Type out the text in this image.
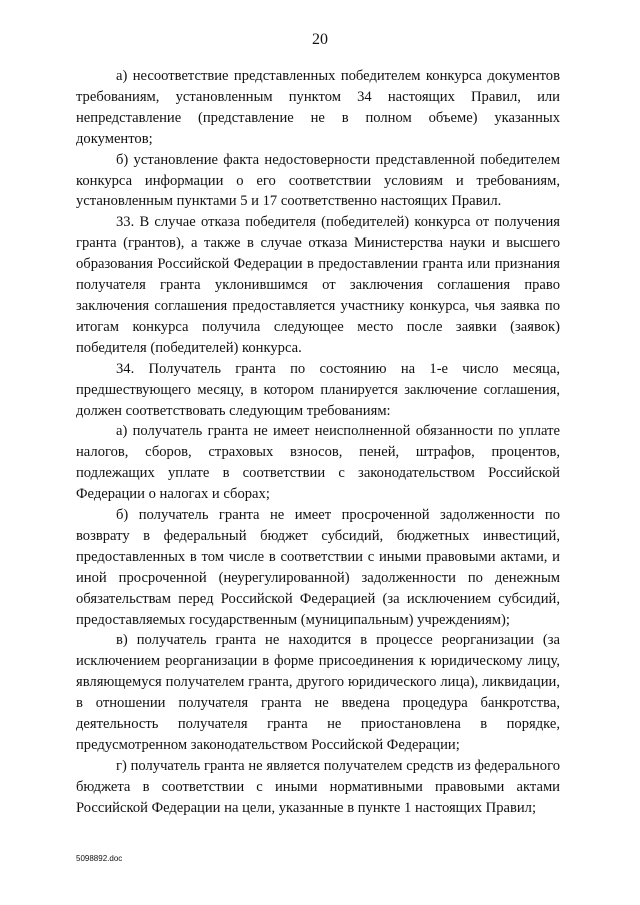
20

а) несоответствие представленных победителем конкурса документов требованиям, установленным пунктом 34 настоящих Правил, или непредставление (представление не в полном объеме) указанных документов;

б) установление факта недостоверности представленной победителем конкурса информации о его соответствии условиям и требованиям, установленным пунктами 5 и 17 соответственно настоящих Правил.

33. В случае отказа победителя (победителей) конкурса от получения гранта (грантов), а также в случае отказа Министерства науки и высшего образования Российской Федерации в предоставлении гранта или признания получателя гранта уклонившимся от заключения соглашения право заключения соглашения предоставляется участнику конкурса, чья заявка по итогам конкурса получила следующее место после заявки (заявок) победителя (победителей) конкурса.

34. Получатель гранта по состоянию на 1-е число месяца, предшествующего месяцу, в котором планируется заключение соглашения, должен соответствовать следующим требованиям:

а) получатель гранта не имеет неисполненной обязанности по уплате налогов, сборов, страховых взносов, пеней, штрафов, процентов, подлежащих уплате в соответствии с законодательством Российской Федерации о налогах и сборах;

б) получатель гранта не имеет просроченной задолженности по возврату в федеральный бюджет субсидий, бюджетных инвестиций, предоставленных в том числе в соответствии с иными правовыми актами, и иной просроченной (неурегулированной) задолженности по денежным обязательствам перед Российской Федерацией (за исключением субсидий, предоставляемых государственным (муниципальным) учреждениям);

в) получатель гранта не находится в процессе реорганизации (за исключением реорганизации в форме присоединения к юридическому лицу, являющемуся получателем гранта, другого юридического лица), ликвидации, в отношении получателя гранта не введена процедура банкротства, деятельность получателя гранта не приостановлена в порядке, предусмотренном законодательством Российской Федерации;

г) получатель гранта не является получателем средств из федерального бюджета в соответствии с иными нормативными правовыми актами Российской Федерации на цели, указанные в пункте 1 настоящих Правил;

5098892.doc
